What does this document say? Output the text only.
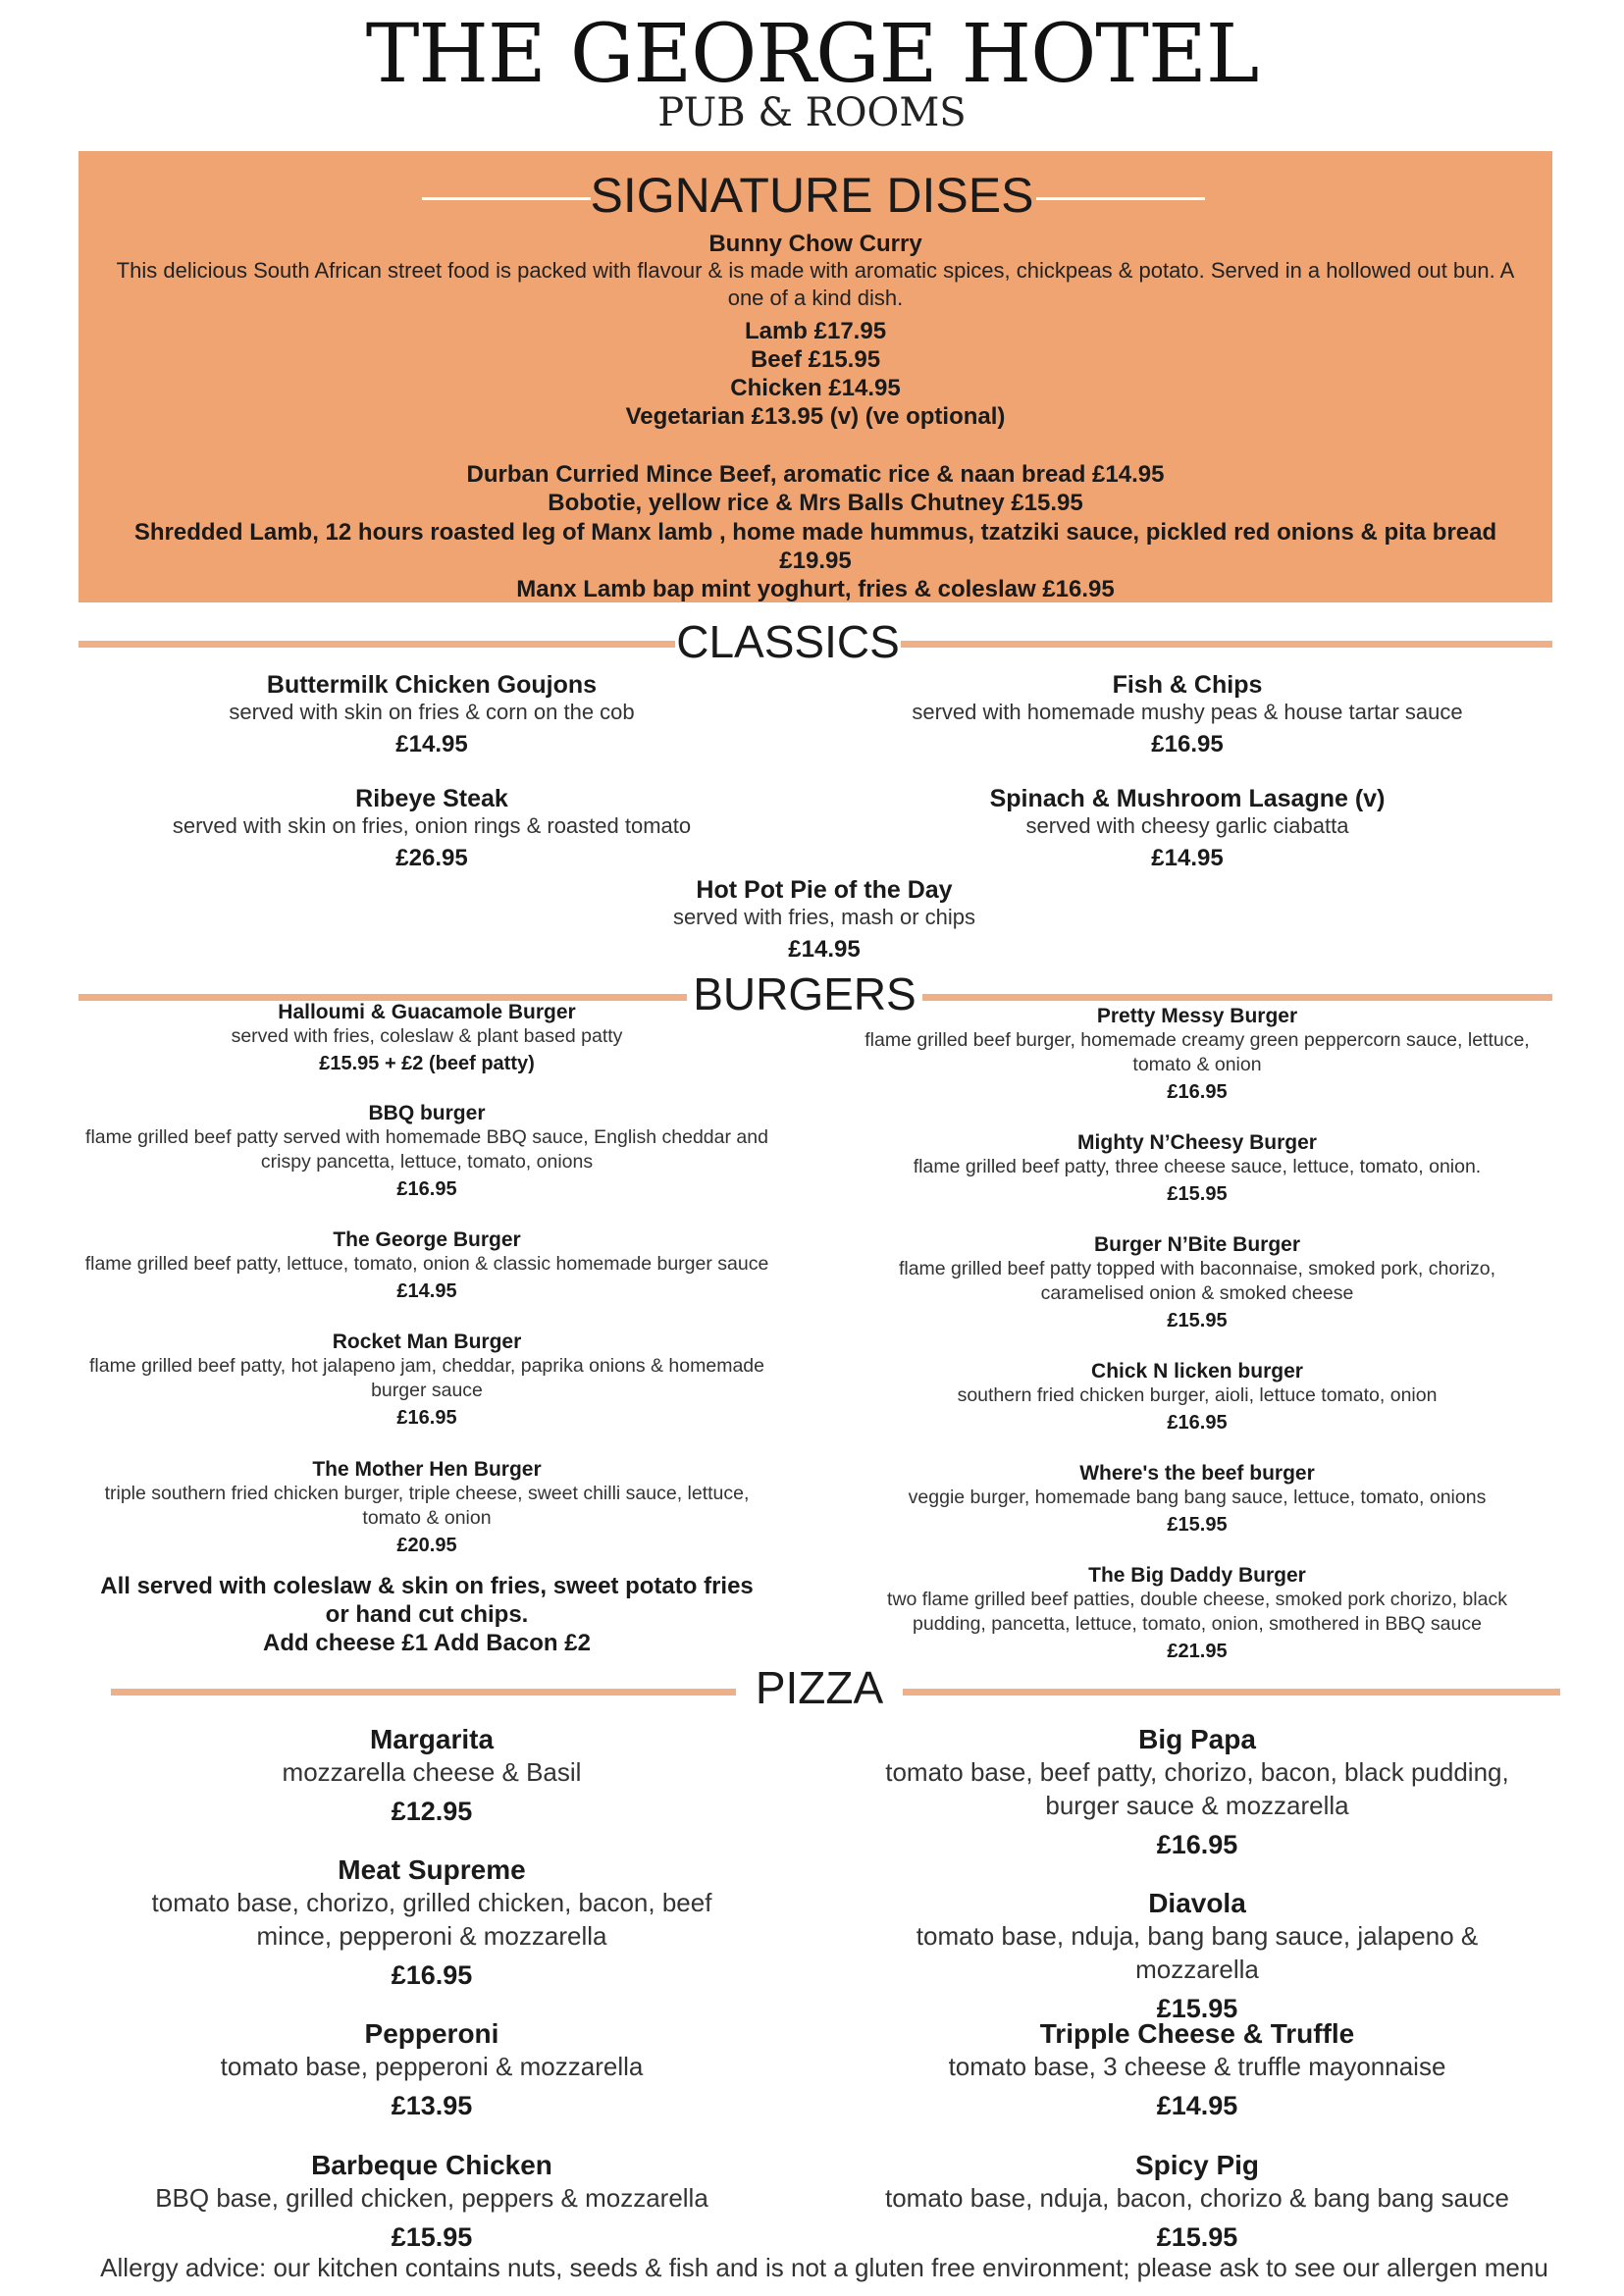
THE GEORGE HOTEL
PUB & ROOMS
SIGNATURE DISES
Bunny Chow Curry
This delicious South African street food is packed with flavour & is made with aromatic spices, chickpeas & potato. Served in a hollowed out bun. A one of a kind dish.
Lamb £17.95
Beef £15.95
Chicken £14.95
Vegetarian £13.95 (v) (ve optional)
Durban Curried Mince Beef, aromatic rice & naan bread £14.95
Bobotie, yellow rice & Mrs Balls Chutney £15.95
Shredded Lamb, 12 hours roasted leg of Manx lamb , home made hummus, tzatziki sauce, pickled red onions & pita bread £19.95
Manx Lamb bap mint yoghurt, fries & coleslaw £16.95
CLASSICS
Buttermilk Chicken Goujons
served with skin on fries & corn on the cob
£14.95
Fish & Chips
served with homemade mushy peas & house tartar sauce
£16.95
Ribeye Steak
served with skin on fries, onion rings & roasted tomato
£26.95
Spinach & Mushroom Lasagne (v)
served with cheesy garlic ciabatta
£14.95
Hot Pot Pie of the Day
served with fries, mash or chips
£14.95
BURGERS
Halloumi & Guacamole Burger
served with fries, coleslaw & plant based patty
£15.95 + £2 (beef patty)
BBQ burger
flame grilled beef patty served with homemade BBQ sauce, English cheddar and crispy pancetta, lettuce, tomato, onions
£16.95
The George Burger
flame grilled beef patty, lettuce, tomato, onion & classic homemade burger sauce
£14.95
Rocket Man Burger
flame grilled beef patty, hot jalapeno jam, cheddar, paprika onions & homemade burger sauce
£16.95
The Mother Hen Burger
triple southern fried chicken burger, triple cheese, sweet chilli sauce, lettuce, tomato & onion
£20.95
All served with coleslaw & skin on fries, sweet potato fries
or hand cut chips.
Add cheese £1 Add Bacon £2
Pretty Messy Burger
flame grilled beef burger, homemade creamy green peppercorn sauce, lettuce, tomato & onion
£16.95
Mighty N’Cheesy Burger
flame grilled beef patty, three cheese sauce, lettuce, tomato, onion.
£15.95
Burger N’Bite Burger
flame grilled beef patty topped with baconnaise, smoked pork, chorizo, caramelised onion & smoked cheese
£15.95
Chick N licken burger
southern fried chicken burger, aioli, lettuce tomato, onion
£16.95
Where's the beef burger
veggie burger, homemade bang bang sauce, lettuce, tomato, onions
£15.95
The Big Daddy Burger
two flame grilled beef patties, double cheese, smoked pork chorizo, black pudding, pancetta, lettuce, tomato, onion, smothered in BBQ sauce
£21.95
PIZZA
Margarita
mozzarella cheese & Basil
£12.95
Meat Supreme
tomato base, chorizo, grilled chicken, bacon, beef mince, pepperoni & mozzarella
£16.95
Pepperoni
tomato base, pepperoni & mozzarella
£13.95
Barbeque Chicken
BBQ base, grilled chicken, peppers & mozzarella
£15.95
Big Papa
tomato base, beef patty, chorizo, bacon, black pudding, burger sauce & mozzarella
£16.95
Diavola
tomato base, nduja, bang bang sauce, jalapeno & mozzarella
£15.95
Tripple Cheese & Truffle
tomato base, 3 cheese & truffle mayonnaise
£14.95
Spicy Pig
tomato base, nduja, bacon, chorizo & bang bang sauce
£15.95
Allergy advice: our kitchen contains nuts, seeds & fish and is not a gluten free environment; please ask to see our allergen menu
